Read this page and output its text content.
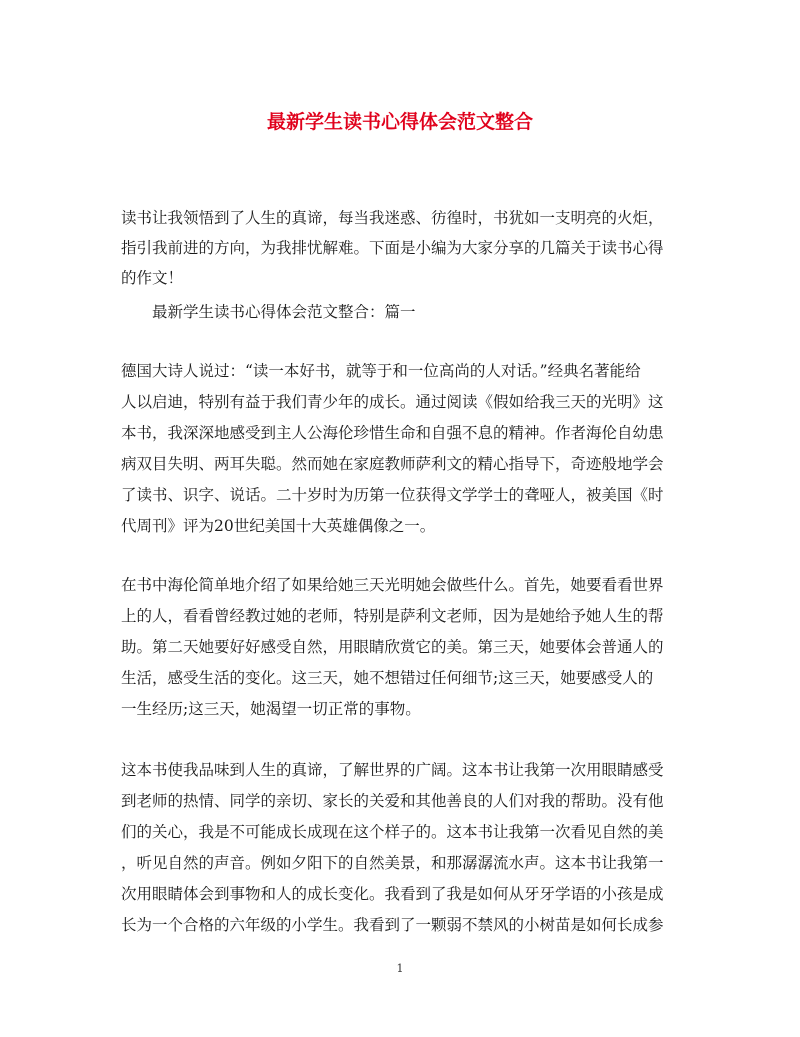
最新学生读书心得体会范文整合
读书让我领悟到了人生的真谛，每当我迷惑、彷徨时，书犹如一支明亮的火炬，
指引我前进的方向，为我排忧解难。下面是小编为大家分享的几篇关于读书心得
的作文！
最新学生读书心得体会范文整合：篇一
德国大诗人说过：“读一本好书，就等于和一位高尚的人对话。”经典名著能给
人以启迪，特别有益于我们青少年的成长。通过阅读《假如给我三天的光明》这
本书，我深深地感受到主人公海伦珍惜生命和自强不息的精神。作者海伦自幼患
病双目失明、两耳失聪。然而她在家庭教师萨利文的精心指导下，奇迹般地学会
了读书、识字、说话。二十岁时为历第一位获得文学学士的聋哑人，被美国《时
代周刊》评为20世纪美国十大英雄偶像之一。
在书中海伦简单地介绍了如果给她三天光明她会做些什么。首先，她要看看世界
上的人，看看曾经教过她的老师，特别是萨利文老师，因为是她给予她人生的帮
助。第二天她要好好感受自然，用眼睛欣赏它的美。第三天，她要体会普通人的
生活，感受生活的变化。这三天，她不想错过任何细节;这三天，她要感受人的
一生经历;这三天，她渴望一切正常的事物。
这本书使我品味到人生的真谛，了解世界的广阔。这本书让我第一次用眼睛感受
到老师的热情、同学的亲切、家长的关爱和其他善良的人们对我的帮助。没有他
们的关心，我是不可能成长成现在这个样子的。这本书让我第一次看见自然的美
，听见自然的声音。例如夕阳下的自然美景，和那潺潺流水声。这本书让我第一
次用眼睛体会到事物和人的成长变化。我看到了我是如何从牙牙学语的小孩是成
长为一个合格的六年级的小学生。我看到了一颗弱不禁风的小树苗是如何长成参
1
